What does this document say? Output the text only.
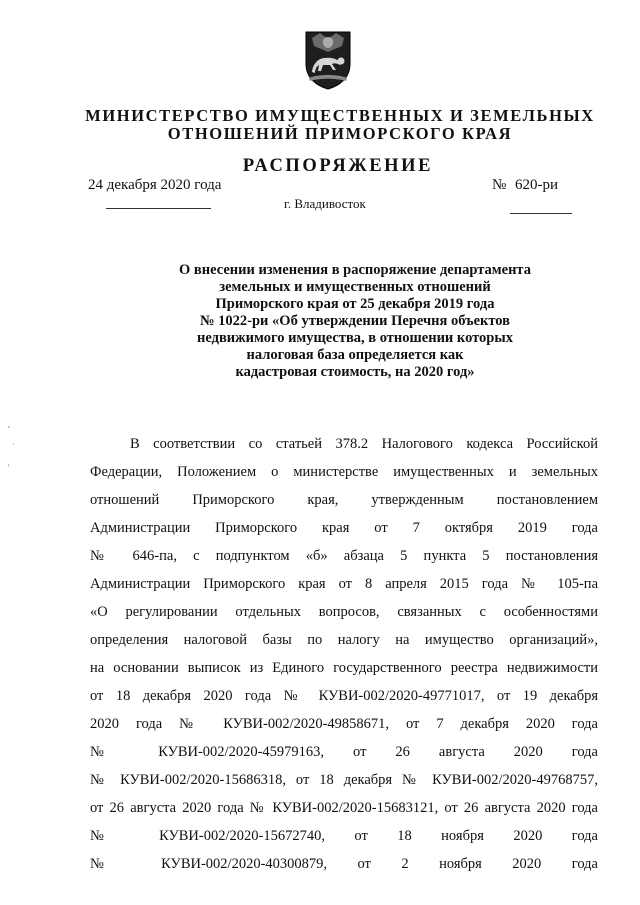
МИНИСТЕРСТВО ИМУЩЕСТВЕННЫХ И ЗЕМЕЛЬНЫХ
ОТНОШЕНИЙ ПРИМОРСКОГО КРАЯ
РАСПОРЯЖЕНИЕ
24 декабря 2020 года	№ 620-ри
г. Владивосток
О внесении изменения в распоряжение департамента
земельных и имущественных отношений
Приморского края от 25 декабря 2019 года
№ 1022-ри «Об утверждении Перечня объектов
недвижимого имущества, в отношении которых
налоговая база определяется как
кадастровая стоимость, на 2020 год»
,
·
'
В соответствии со статьей 378.2 Налогового кодекса Российской
Федерации, Положением о министерстве имущественных и земельных
отношений Приморского края, утвержденным постановлением
Администрации Приморского края от 7 октября 2019 года
№ 646-па, с подпунктом «б» абзаца 5 пункта 5 постановления
Администрации Приморского края от 8 апреля 2015 года № 105-па
«О регулировании отдельных вопросов, связанных с особенностями
определения налоговой базы по налогу на имущество организаций»,
на основании выписок из Единого государственного реестра недвижимости
от 18 декабря 2020 года № КУВИ-002/2020-49771017, от 19 декабря
2020 года № КУВИ-002/2020-49858671, от 7 декабря 2020 года
№ КУВИ-002/2020-45979163, от 26 августа 2020 года
№ КУВИ-002/2020-15686318, от 18 декабря № КУВИ-002/2020-49768757,
от 26 августа 2020 года № КУВИ-002/2020-15683121, от 26 августа 2020 года
№ КУВИ-002/2020-15672740, от 18 ноября 2020 года
№ КУВИ-002/2020-40300879, от 2 ноября 2020 года
